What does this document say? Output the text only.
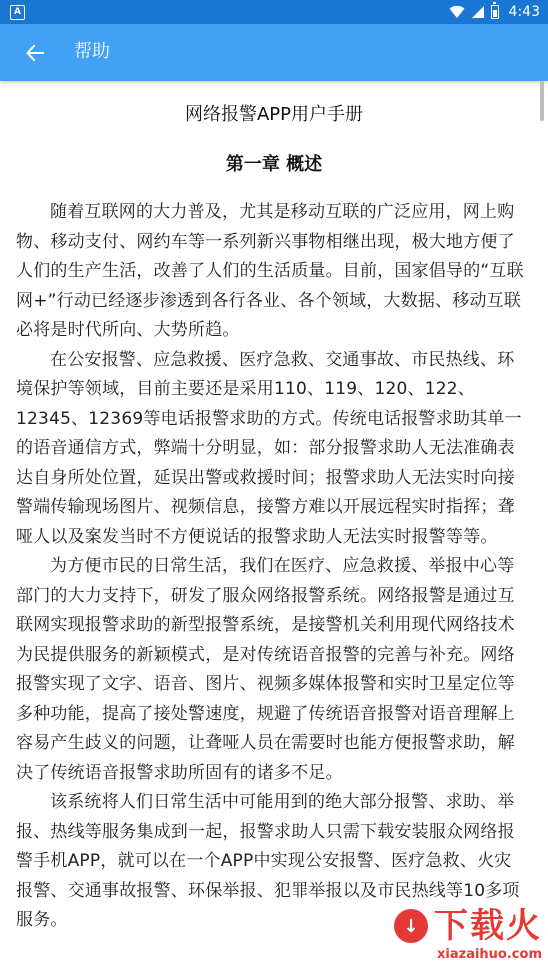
A	4:43
帮助
网络报警APP用户手册
第一章 概述

随着互联网的大力普及，尤其是移动互联的广泛应用，网上购物、移动支付、网约车等一系列新兴事物相继出现，极大地方便了人们的生产生活，改善了人们的生活质量。目前，国家倡导的“互联网+”行动已经逐步渗透到各行各业、各个领域，大数据、移动互联必将是时代所向、大势所趋。

在公安报警、应急救援、医疗急救、交通事故、市民热线、环境保护等领域，目前主要还是采用110、119、120、122、12345、12369等电话报警求助的方式。传统电话报警求助其单一的语音通信方式，弊端十分明显，如：部分报警求助人无法准确表达自身所处位置，延误出警或救援时间；报警求助人无法实时向接警端传输现场图片、视频信息，接警方难以开展远程实时指挥；聋哑人以及案发当时不方便说话的报警求助人无法实时报警等等。

为方便市民的日常生活，我们在医疗、应急救援、举报中心等部门的大力支持下，研发了服众网络报警系统。网络报警是通过互联网实现报警求助的新型报警系统，是接警机关利用现代网络技术为民提供服务的新颖模式，是对传统语音报警的完善与补充。网络报警实现了文字、语音、图片、视频多媒体报警和实时卫星定位等多种功能，提高了接处警速度，规避了传统语音报警对语音理解上容易产生歧义的问题，让聋哑人员在需要时也能方便报警求助，解决了传统语音报警求助所固有的诸多不足。

该系统将人们日常生活中可能用到的绝大部分报警、求助、举报、热线等服务集成到一起，报警求助人只需下载安装服众网络报警手机APP，就可以在一个APP中实现公安报警、医疗急救、火灾报警、交通事故报警、环保举报、犯罪举报以及市民热线等10多项服务。	↓ 下载火
xiazaihuo.com
